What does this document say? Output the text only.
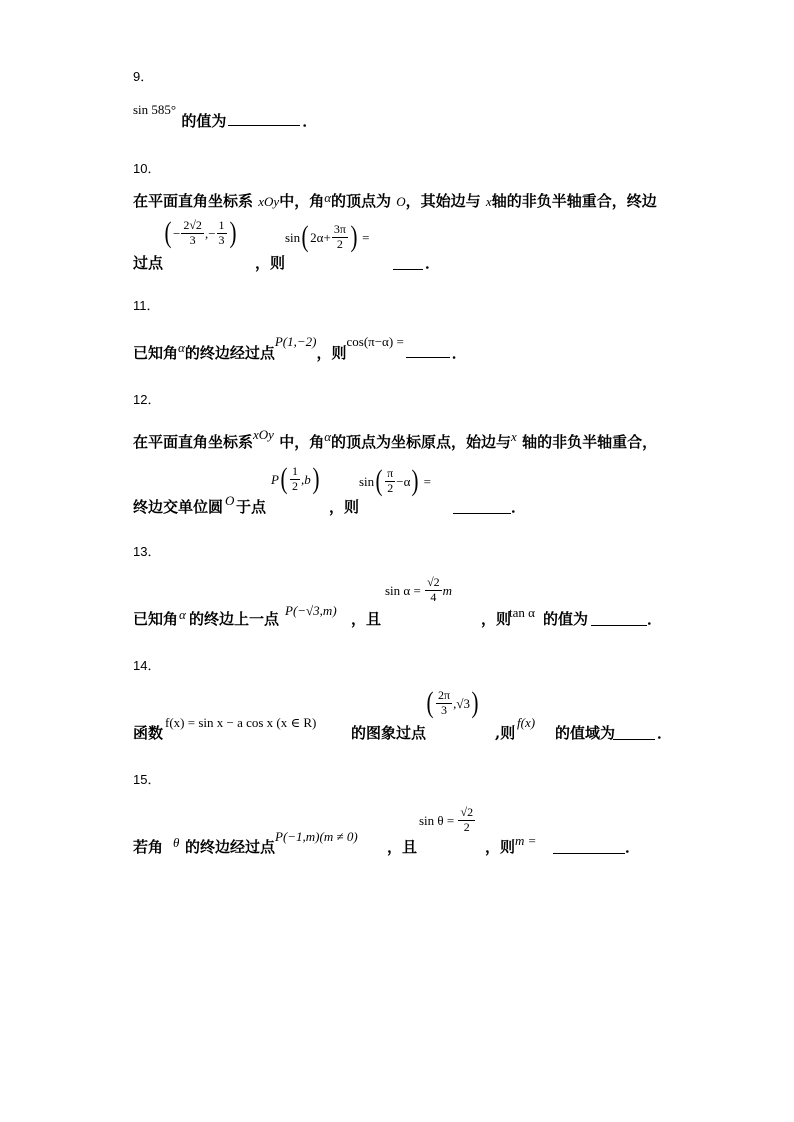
9．
sin 585° 的值为	．
10．
在平面直角坐标系 xOy中，角α的顶点为 O，其始边与 x轴的非负半轴重合，终边
过点
( − $\frac{2√2}{3}$ ,− $\frac{1}{3}$ )
，则
sin ( $2\alpha+ \frac{3\pi}{2}$ )
=
．
11．
已知角α的终边经过点P(1,−2)，则cos(π−α) =．
12．
在平面直角坐标系xOy 中，角α的顶点为坐标原点，始边与x 轴的非负半轴重合，
终边交单位圆 O 于点
P ( $\frac{1}{2} ,b$ )
，则
sin ( $\frac{\pi}{2} -\alpha$ )
=
．
13．
已知角 α 的终边上一点 P(−√3,m) ，且
sin α =
$\frac{√2}{4}$ m
，则
tan α 的值为	．
14．
函数
f(x) = sin x − a cos x (x ∈ R)
的图象过点
( $\frac{2\pi}{3} ,√3$ )
,则
f(x)
的值域为	．
15．
若角 θ 的终边经过点
P(−1,m)(m ≠ 0)
，且
sin θ =
$\frac{√2}{2}$
，则 m =	．
